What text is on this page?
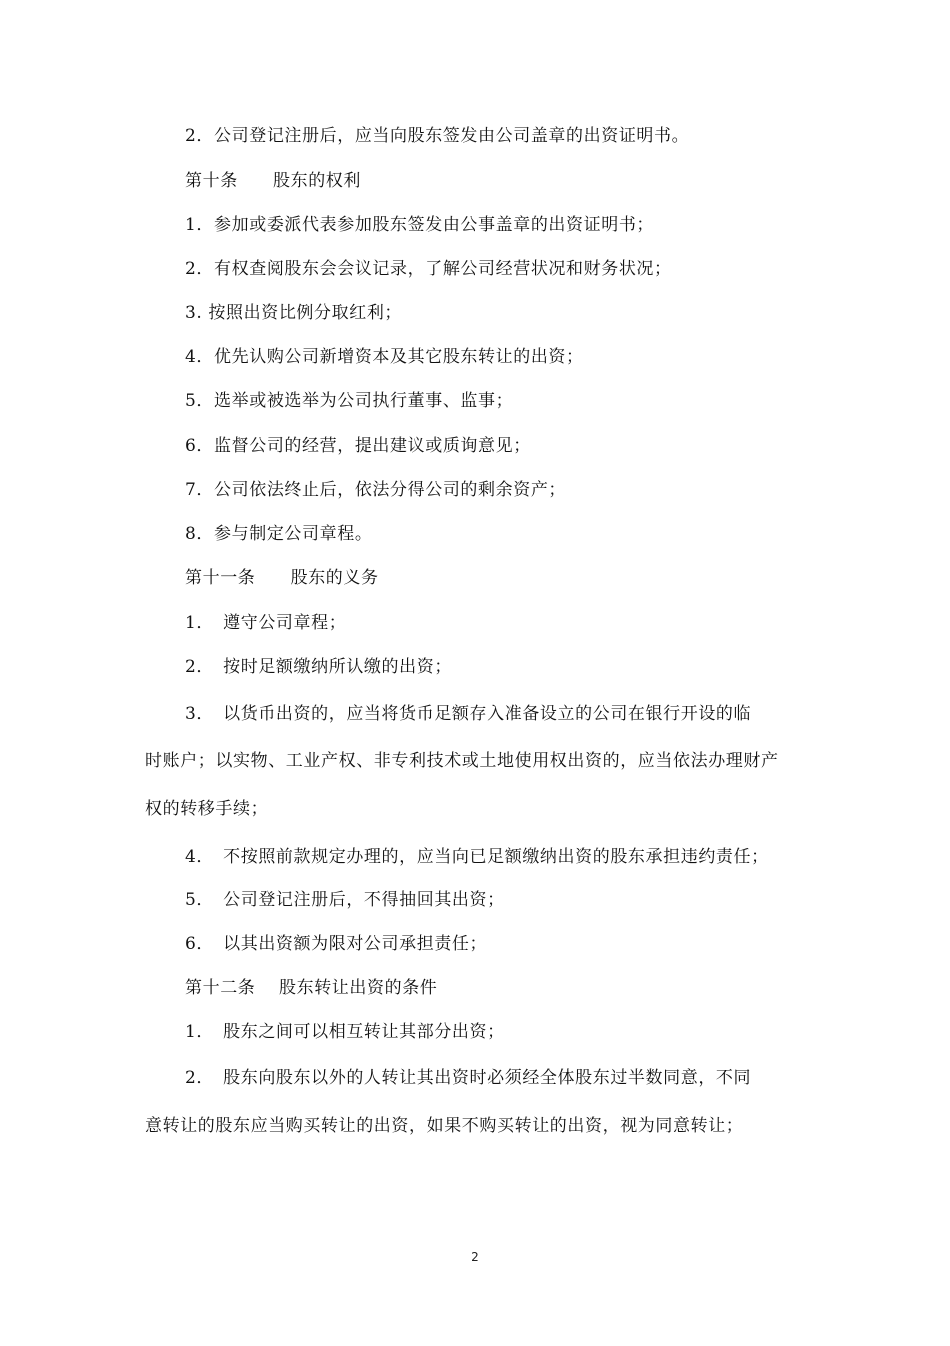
2．公司登记注册后，应当向股东签发由公司盖章的出资证明书。
第十条　　股东的权利
1．参加或委派代表参加股东签发由公事盖章的出资证明书；
2．有权查阅股东会会议记录，了解公司经营状况和财务状况；
3. 按照出资比例分取红利；
4．优先认购公司新增资本及其它股东转让的出资；
5．选举或被选举为公司执行董事、监事；
6．监督公司的经营，提出建议或质询意见；
7．公司依法终止后，依法分得公司的剩余资产；
8．参与制定公司章程。
第十一条　　股东的义务
1．　遵守公司章程；
2．　按时足额缴纳所认缴的出资；
3．　以货币出资的，应当将货币足额存入准备设立的公司在银行开设的临
时账户；以实物、工业产权、非专利技术或土地使用权出资的，应当依法办理财产
权的转移手续；
4．　不按照前款规定办理的，应当向已足额缴纳出资的股东承担违约责任；
5．　公司登记注册后，不得抽回其出资；
6．　以其出资额为限对公司承担责任；
第十二条　 股东转让出资的条件
1．　股东之间可以相互转让其部分出资；
2．　股东向股东以外的人转让其出资时必须经全体股东过半数同意，不同
意转让的股东应当购买转让的出资，如果不购买转让的出资，视为同意转让；
2
